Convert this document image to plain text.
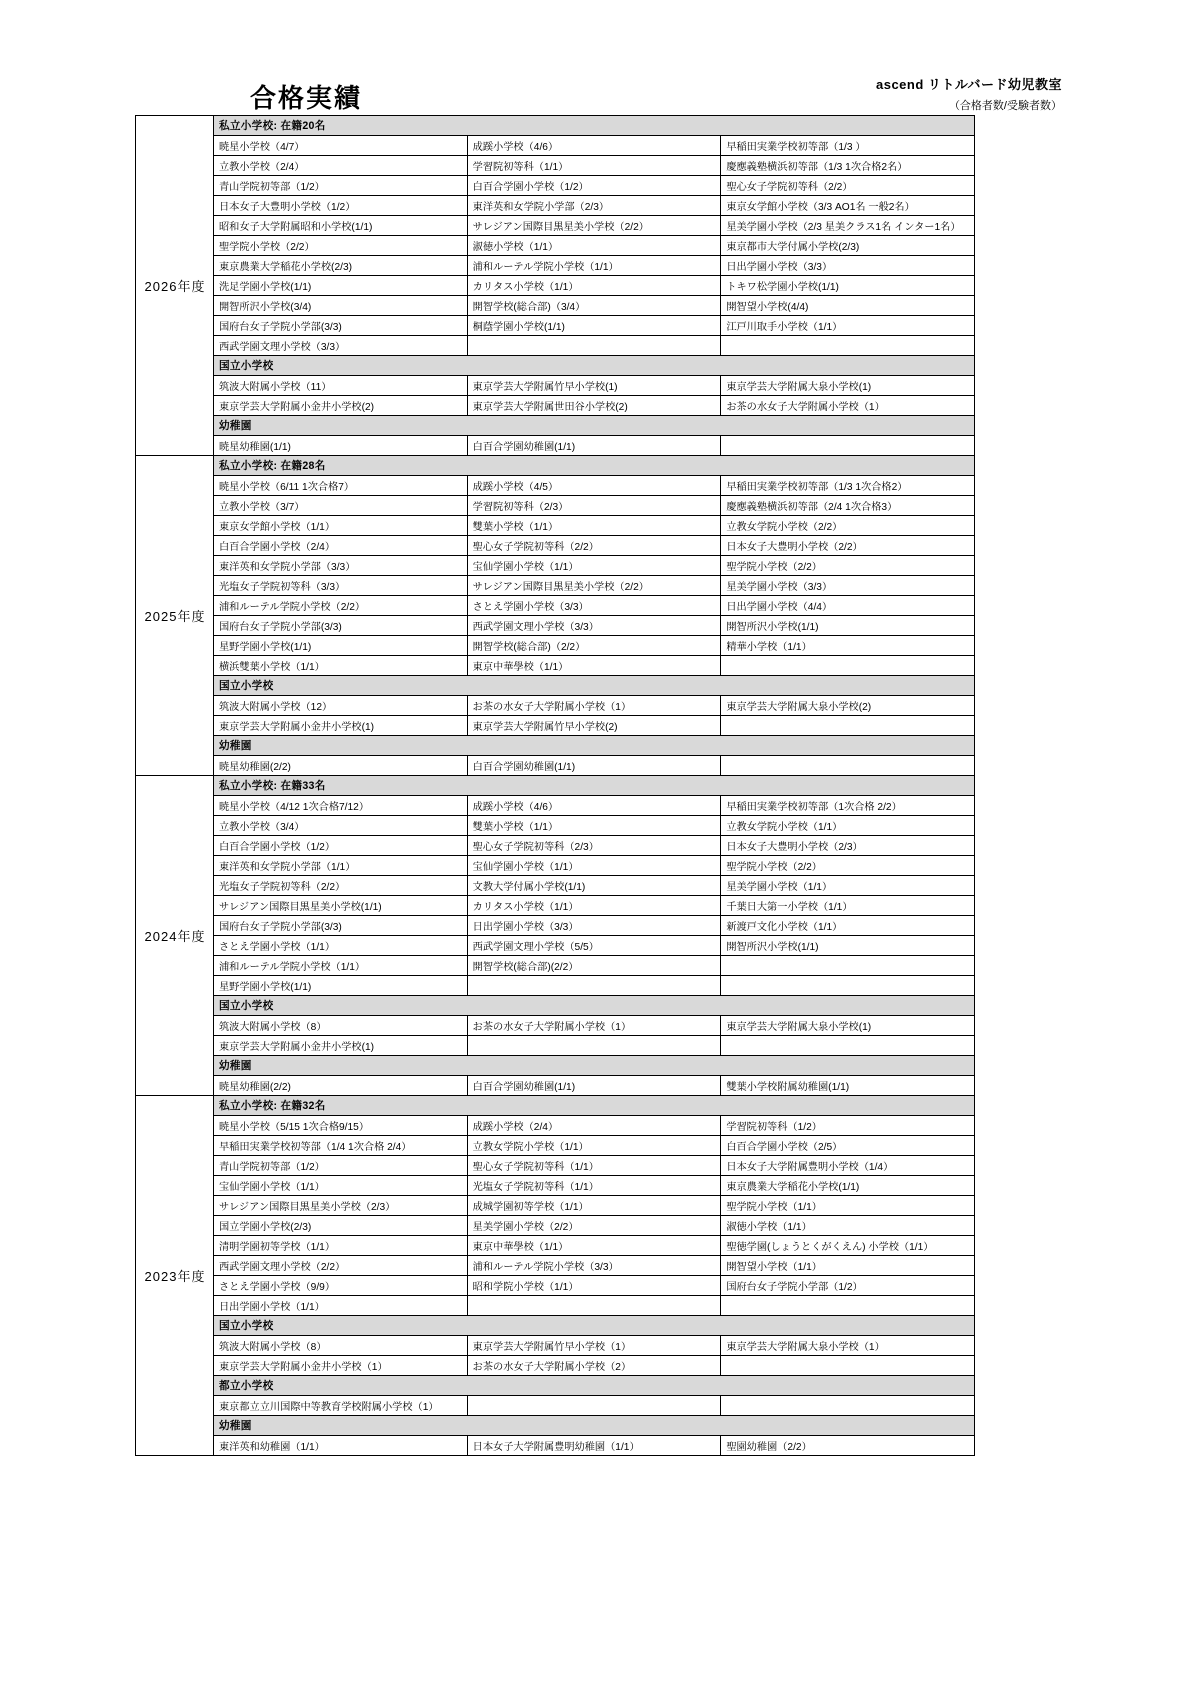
ascend リトルバード幼児教室
（合格者数/受験者数）
合格実績
2026年度	私立小学校: 在籍20名		
	暁星小学校（4/7）	成蹊小学校（4/6）	早稲田実業学校初等部（1/3 ）
	立教小学校（2/4）	学習院初等科（1/1）	慶應義塾横浜初等部（1/3 1次合格2名）
	青山学院初等部（1/2）	白百合学園小学校（1/2）	聖心女子学院初等科（2/2）
	日本女子大豊明小学校（1/2）	東洋英和女学院小学部（2/3）	東京女学館小学校（3/3 AO1名 一般2名）
	昭和女子大学附属昭和小学校(1/1)	サレジアン国際目黒星美小学校（2/2）	星美学園小学校（2/3 星美クラス1名 インター1名）
	聖学院小学校（2/2）	淑徳小学校（1/1）	東京都市大学付属小学校(2/3)
	東京農業大学稲花小学校(2/3)	浦和ルーテル学院小学校（1/1）	日出学園小学校（3/3）
	洗足学園小学校(1/1)	カリタス小学校（1/1）	トキワ松学園小学校(1/1)
	開智所沢小学校(3/4)	開智学校(総合部)（3/4）	開智望小学校(4/4)
	国府台女子学院小学部(3/3)	桐蔭学園小学校(1/1)	江戸川取手小学校（1/1）
	西武学園文理小学校（3/3）		
	国立小学校		
	筑波大附属小学校（11）	東京学芸大学附属竹早小学校(1)	東京学芸大学附属大泉小学校(1)
	東京学芸大学附属小金井小学校(2)	東京学芸大学附属世田谷小学校(2)	お茶の水女子大学附属小学校（1）
	幼稚園		
	暁星幼稚園(1/1)	白百合学園幼稚園(1/1)	
2025年度	私立小学校: 在籍28名		
	暁星小学校（6/11 1次合格7）	成蹊小学校（4/5）	早稲田実業学校初等部（1/3 1次合格2）
	立教小学校（3/7）	学習院初等科（2/3）	慶應義塾横浜初等部（2/4 1次合格3）
	東京女学館小学校（1/1）	雙葉小学校（1/1）	立教女学院小学校（2/2）
	白百合学園小学校（2/4）	聖心女子学院初等科（2/2）	日本女子大豊明小学校（2/2）
	東洋英和女学院小学部（3/3）	宝仙学園小学校（1/1）	聖学院小学校（2/2）
	光塩女子学院初等科（3/3）	サレジアン国際目黒星美小学校（2/2）	星美学園小学校（3/3）
	浦和ルーテル学院小学校（2/2）	さとえ学園小学校（3/3）	日出学園小学校（4/4）
	国府台女子学院小学部(3/3)	西武学園文理小学校（3/3）	開智所沢小学校(1/1)
	星野学園小学校(1/1)	開智学校(総合部)（2/2）	精華小学校（1/1）
	横浜雙葉小学校（1/1）	東京中華學校（1/1）	
	国立小学校		
	筑波大附属小学校（12）	お茶の水女子大学附属小学校（1）	東京学芸大学附属大泉小学校(2)
	東京学芸大学附属小金井小学校(1)	東京学芸大学附属竹早小学校(2)	
	幼稚園		
	暁星幼稚園(2/2)	白百合学園幼稚園(1/1)	
2024年度	私立小学校: 在籍33名		
	暁星小学校（4/12 1次合格7/12）	成蹊小学校（4/6）	早稲田実業学校初等部（1次合格 2/2）
	立教小学校（3/4）	雙葉小学校（1/1）	立教女学院小学校（1/1）
	白百合学園小学校（1/2）	聖心女子学院初等科（2/3）	日本女子大豊明小学校（2/3）
	東洋英和女学院小学部（1/1）	宝仙学園小学校（1/1）	聖学院小学校（2/2）
	光塩女子学院初等科（2/2）	文教大学付属小学校(1/1)	星美学園小学校（1/1）
	サレジアン国際目黒星美小学校(1/1)	カリタス小学校（1/1）	千葉日大第一小学校（1/1）
	国府台女子学院小学部(3/3)	日出学園小学校（3/3）	新渡戸文化小学校（1/1）
	さとえ学園小学校（1/1）	西武学園文理小学校（5/5）	開智所沢小学校(1/1)
	浦和ルーテル学院小学校（1/1）	開智学校(総合部)(2/2）	
	星野学園小学校(1/1)		
	国立小学校		
	筑波大附属小学校（8）	お茶の水女子大学附属小学校（1）	東京学芸大学附属大泉小学校(1)
	東京学芸大学附属小金井小学校(1)		
	幼稚園		
	暁星幼稚園(2/2)	白百合学園幼稚園(1/1)	雙葉小学校附属幼稚園(1/1)
2023年度	私立小学校: 在籍32名		
	暁星小学校（5/15 1次合格9/15）	成蹊小学校（2/4）	学習院初等科（1/2）
	早稲田実業学校初等部（1/4 1次合格 2/4）	立教女学院小学校（1/1）	白百合学園小学校（2/5）
	青山学院初等部（1/2）	聖心女子学院初等科（1/1）	日本女子大学附属豊明小学校（1/4）
	宝仙学園小学校（1/1）	光塩女子学院初等科（1/1）	東京農業大学稲花小学校(1/1)
	サレジアン国際目黒星美小学校（2/3）	成城学園初等学校（1/1）	聖学院小学校（1/1）
	国立学園小学校(2/3)	星美学園小学校（2/2）	淑徳小学校（1/1）
	清明学園初等学校（1/1）	東京中華學校（1/1）	聖徳学園(しょうとくがくえん) 小学校（1/1）
	西武学園文理小学校（2/2）	浦和ルーテル学院小学校（3/3）	開智望小学校（1/1）
	さとえ学園小学校（9/9）	昭和学院小学校（1/1）	国府台女子学院小学部（1/2）
	日出学園小学校（1/1）		
	国立小学校		
	筑波大附属小学校（8）	東京学芸大学附属竹早小学校（1）	東京学芸大学附属大泉小学校（1）
	東京学芸大学附属小金井小学校（1）	お茶の水女子大学附属小学校（2）	
	都立小学校		
	東京都立立川国際中等教育学校附属小学校（1）		
	幼稚園		
	東洋英和幼稚園（1/1）	日本女子大学附属豊明幼稚園（1/1）	聖園幼稚園（2/2）
